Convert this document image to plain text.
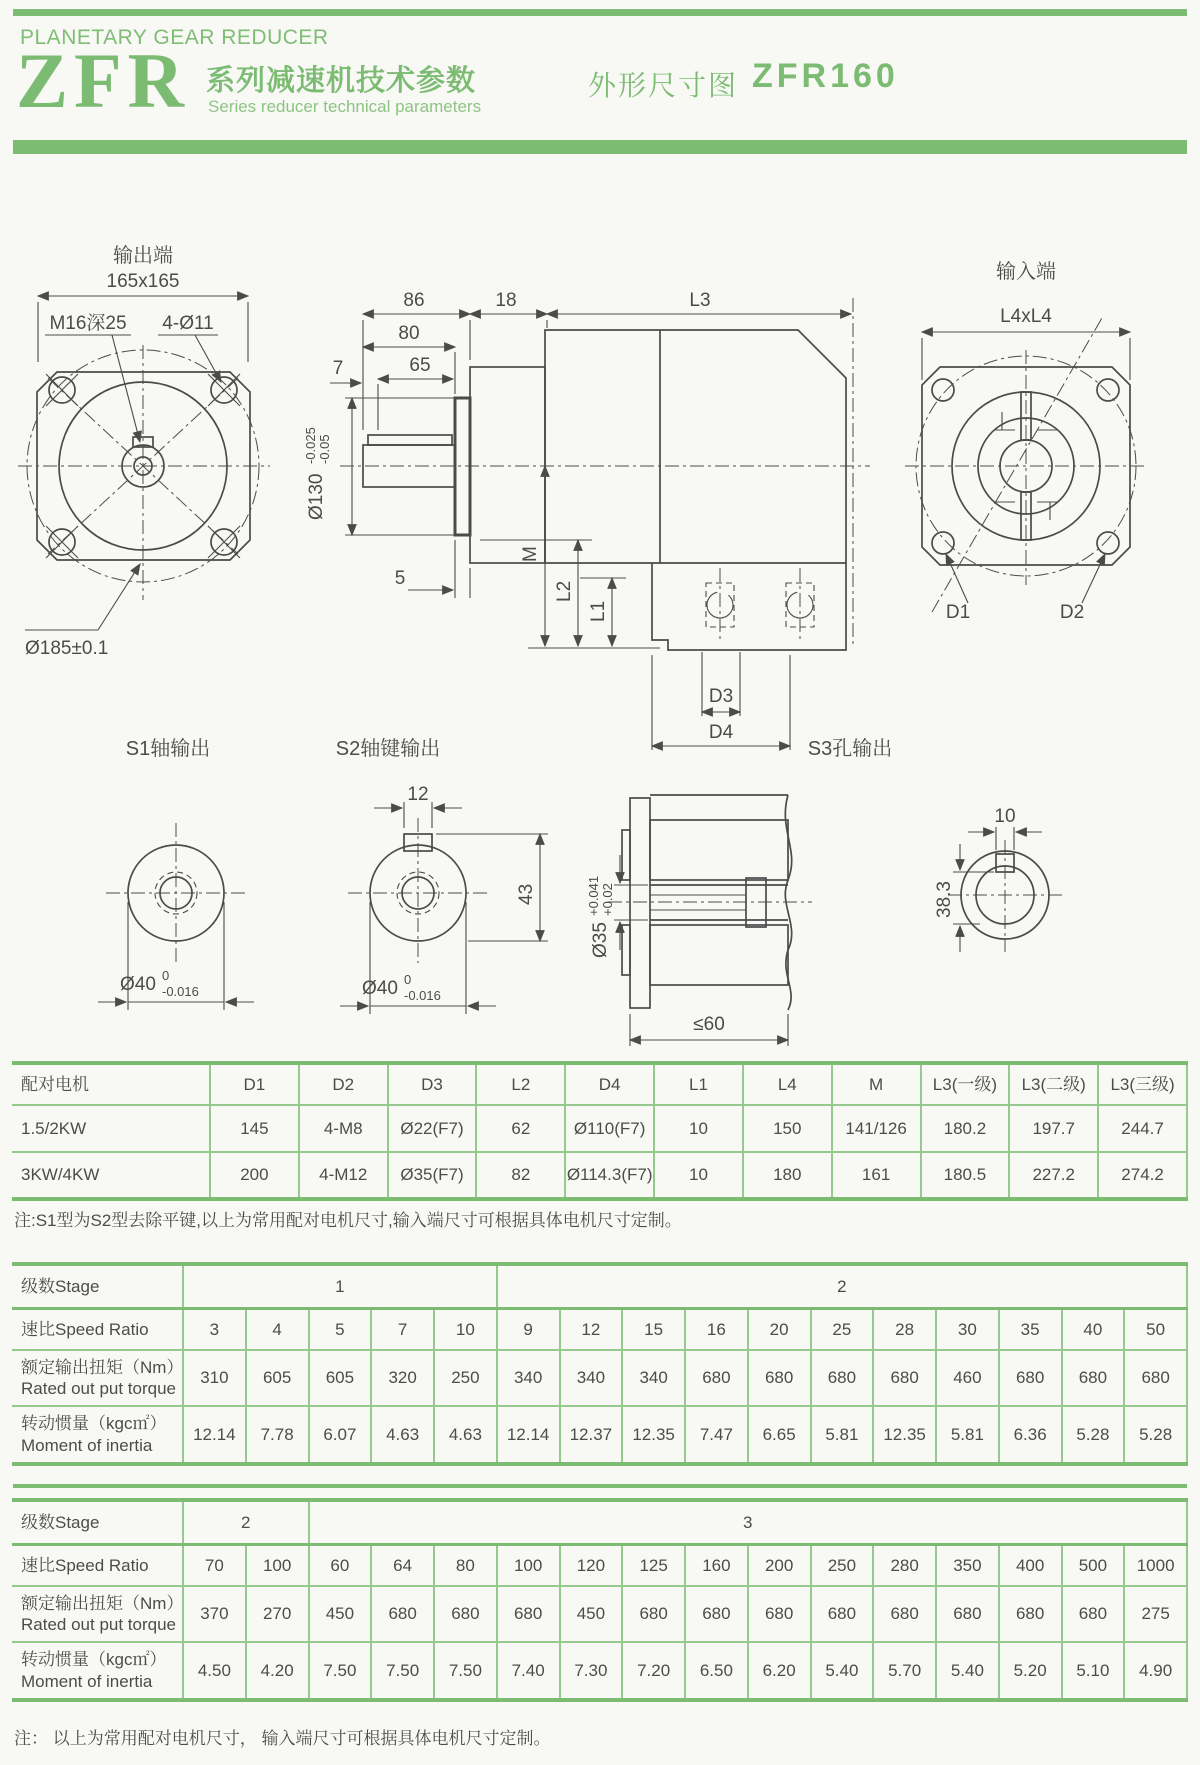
PLANETARY GEAR REDUCER
ZFR 系列减速机技术参数
Series reducer technical parameters
外形尺寸图 ZFR160
输出端
165x165
M16深25 4-Ø11
Ø185±0.1
86	18	L3
80
65
7
Ø130
-0.025 -0.05
5
M
L2
L1
D3
D4
输入端
L4xL4
D1	D2
S1轴输出
Ø40 0
-0.016
S2轴键输出
12
43
Ø40 0
-0.016
Ø35
+0.041 +0.02
≤60
S3孔输出
10
38.3
配对电机	D1	D2	D3	L2	D4	L1	L4	M	L3(一级)	L3(二级)	L3(三级)
1.5/2KW	145	4-M8	Ø22(F7)	62	Ø110(F7)	10	150	141/126	180.2	197.7	244.7
3KW/4KW	200	4-M12	Ø35(F7)	82	Ø114.3(F7)	10	180	161	180.5	227.2	274.2
注:S1型为S2型去除平键,以上为常用配对电机尺寸,输入端尺寸可根据具体电机尺寸定制。
级数Stage	1					2										
速比Speed Ratio	3	4	5	7	10	9	12	15	16	20	25	28	30	35	40	50

额定输出扭矩（Nm）
Rated out put torque	310	605	605	320	250	340	340	340	680	680	680	680	460	680	680	680

转动惯量（kgc㎡）
Moment of inertia	12.14	7.78	6.07	4.63	4.63	12.14	12.37	12.35	7.47	6.65	5.81	12.35	5.81	6.36	5.28	5.28
级数Stage	2		3													
速比Speed Ratio	70	100	60	64	80	100	120	125	160	200	250	280	350	400	500	1000

额定输出扭矩（Nm）
Rated out put torque	370	270	450	680	680	680	450	680	680	680	680	680	680	680	680	275

转动惯量（kgc㎡）
Moment of inertia	4.50	4.20	7.50	7.50	7.50	7.40	7.30	7.20	6.50	6.20	5.40	5.70	5.40	5.20	5.10	4.90
注： 以上为常用配对电机尺寸， 输入端尺寸可根据具体电机尺寸定制。
